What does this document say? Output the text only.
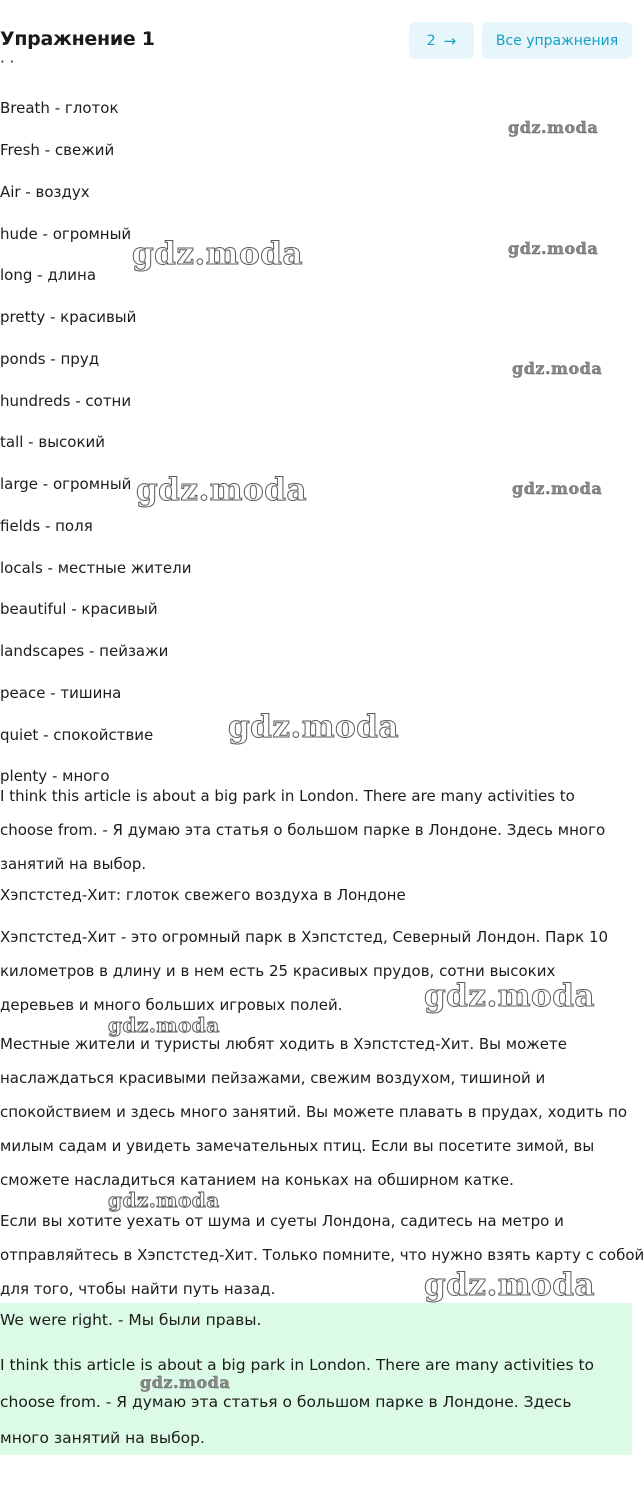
Упражнение 1	2 →	Все упражнения
· ·
Breath - глоток
Fresh - свежий
Air - воздух
hude - огромный
long - длина
pretty - красивый
ponds - пруд
hundreds - сотни
tall - высокий
large - огромный
fields - поля
locals - местные жители
beautiful - красивый
landscapes - пейзажи
peace - тишина
quiet - спокойствие
plenty - много
I think this article is about a big park in London. There are many activities to
choose from. - Я думаю эта статья о большом парке в Лондоне. Здесь много
занятий на выбор.
Хэпстстед-Хит: глоток свежего воздуха в Лондоне
Хэпстстед-Хит - это огромный парк в Хэпстстед, Северный Лондон. Парк 10
километров в длину и в нем есть 25 красивых прудов, сотни высоких
деревьев и много больших игровых полей.
Местные жители и туристы любят ходить в Хэпстстед-Хит. Вы можете
наслаждаться красивыми пейзажами, свежим воздухом, тишиной и
спокойствием и здесь много занятий. Вы можете плавать в прудах, ходить по
милым садам и увидеть замечательных птиц. Если вы посетите зимой, вы
сможете насладиться катанием на коньках на обширном катке.
Если вы хотите уехать от шума и суеты Лондона, садитесь на метро и
отправляйтесь в Хэпстстед-Хит. Только помните, что нужно взять карту с собой
для того, чтобы найти путь назад.
We were right. - Мы были правы.
I think this article is about a big park in London. There are many activities to
choose from. - Я думаю эта статья о большом парке в Лондоне. Здесь
много занятий на выбор.
gdz.moda
gdz.moda	gdz.moda
gdz.moda
gdz.moda	gdz.moda
gdz.moda
gdz.moda
gdz.moda
gdz.moda
gdz.moda
gdz.moda
